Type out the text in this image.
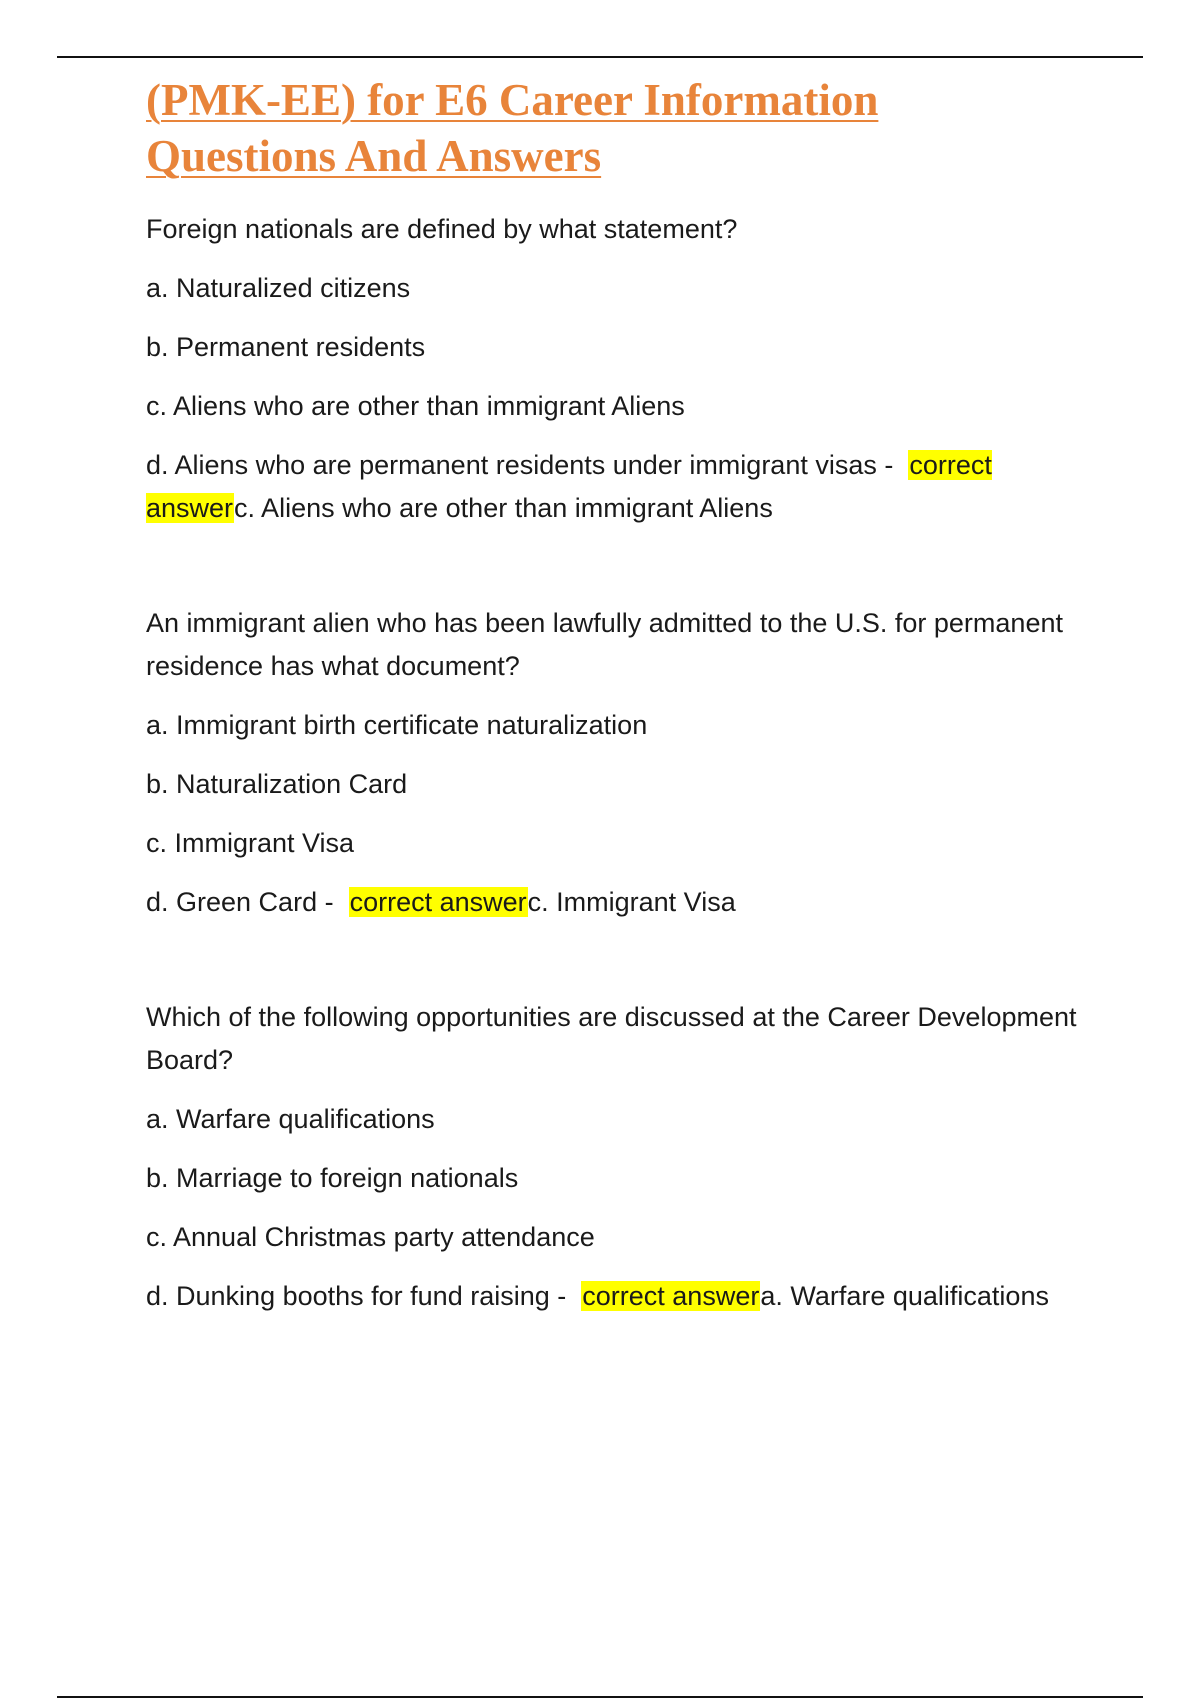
(PMK-EE) for E6 Career Information
Questions And Answers

Foreign nationals are defined by what statement?

a. Naturalized citizens

b. Permanent residents

c. Aliens who are other than immigrant Aliens

d. Aliens who are permanent residents under immigrant visas - correct answerc. Aliens who are other than immigrant Aliens

An immigrant alien who has been lawfully admitted to the U.S. for permanent residence has what document?

a. Immigrant birth certificate naturalization

b. Naturalization Card

c. Immigrant Visa

d. Green Card - correct answerc. Immigrant Visa

Which of the following opportunities are discussed at the Career Development Board?

a. Warfare qualifications

b. Marriage to foreign nationals

c. Annual Christmas party attendance

d. Dunking booths for fund raising - correct answera. Warfare qualifications
